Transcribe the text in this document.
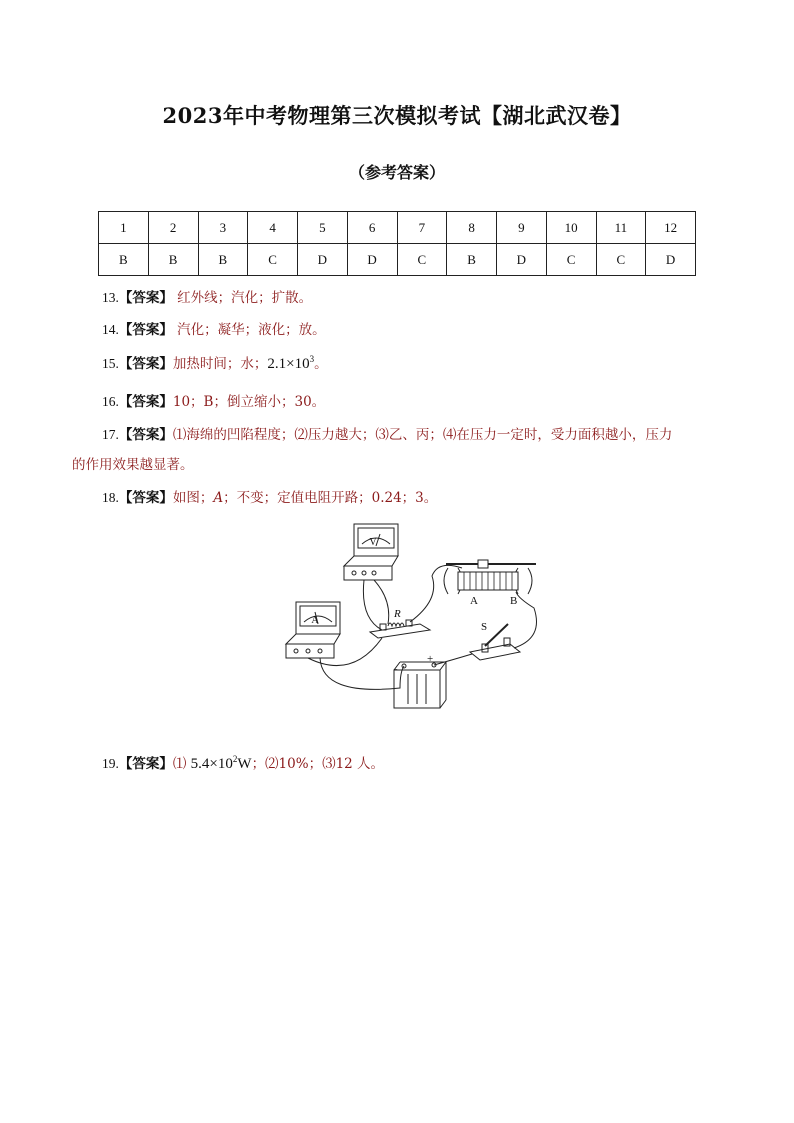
2023年中考物理第三次模拟考试【湖北武汉卷】
（参考答案）
1	2	3	4	5	6	7	8	9	10	11	12
B	B	B	C	D	D	C	B	D	C	C	D
13.【答案】 红外线；汽化；扩散。
14.【答案】 汽化；凝华；液化；放。
15.【答案】加热时间；水；$2.1\times 10^3$。
16.【答案】10；B；倒立缩小；30。
17.【答案】⑴海绵的凹陷程度；⑵压力越大；⑶乙、丙；⑷在压力一定时，受力面积越小，压力
的作用效果越显著。
18.【答案】如图；A；不变；定值电阻开路；0.24；3。
V
A
R
S
A	B
-
+
19.【答案】⑴ $5.4\times 10^2W$；⑵10%；⑶12 人。
